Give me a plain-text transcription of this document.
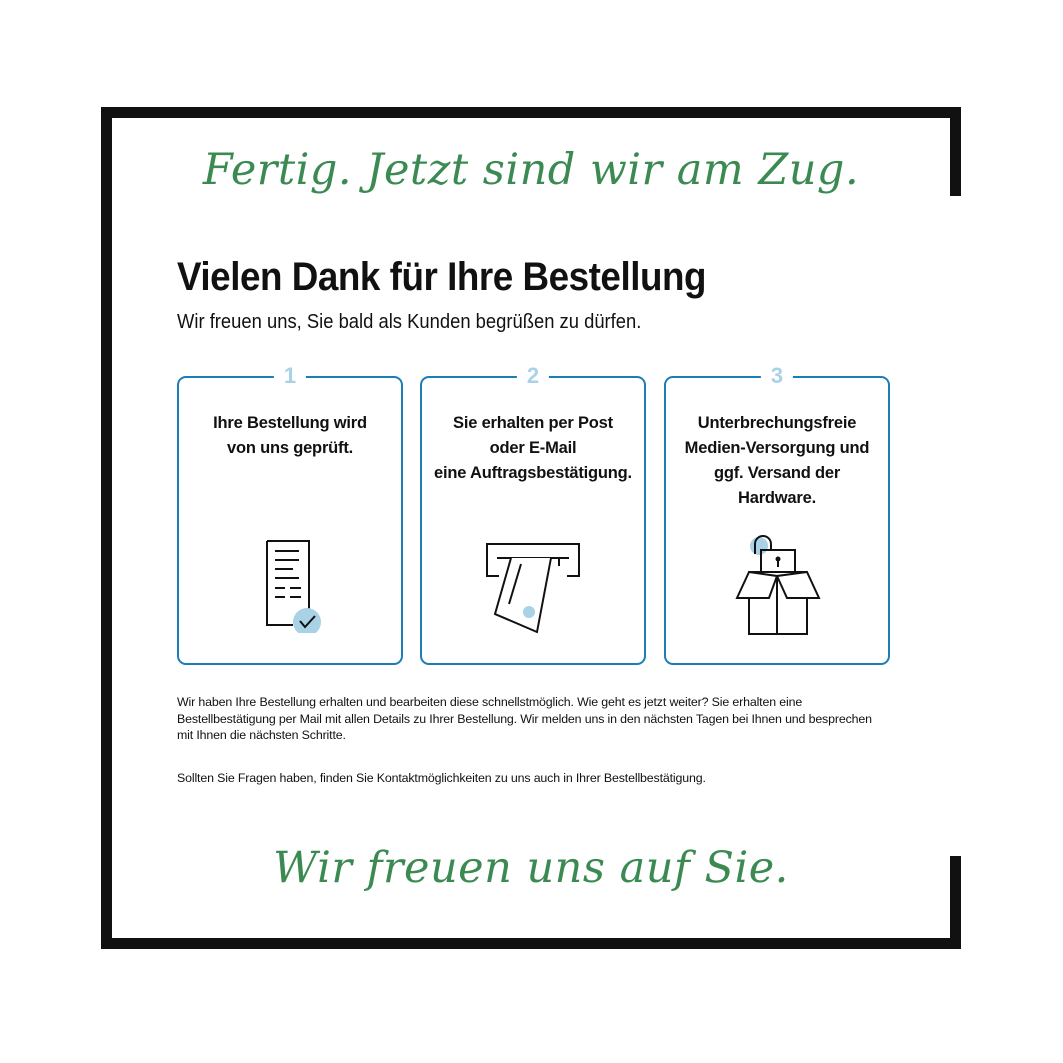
Fertig. Jetzt sind wir am Zug.
Vielen Dank für Ihre Bestellung
Wir freuen uns, Sie bald als Kunden begrüßen zu dürfen.
1
Ihre Bestellung wird
von uns geprüft.
2
Sie erhalten per Post
oder E-Mail
eine Auftragsbestätigung.
3
Unterbrechungsfreie
Medien-Versorgung und
ggf. Versand der
Hardware.
Wir haben Ihre Bestellung erhalten und bearbeiten diese schnellstmöglich. Wie geht es jetzt weiter? Sie erhalten eine Bestellbestätigung per Mail mit allen Details zu Ihrer Bestellung. Wir melden uns in den nächsten Tagen bei Ihnen und besprechen mit Ihnen die nächsten Schritte.
Sollten Sie Fragen haben, finden Sie Kontaktmöglichkeiten zu uns auch in Ihrer Bestellbestätigung.
Wir freuen uns auf Sie.
